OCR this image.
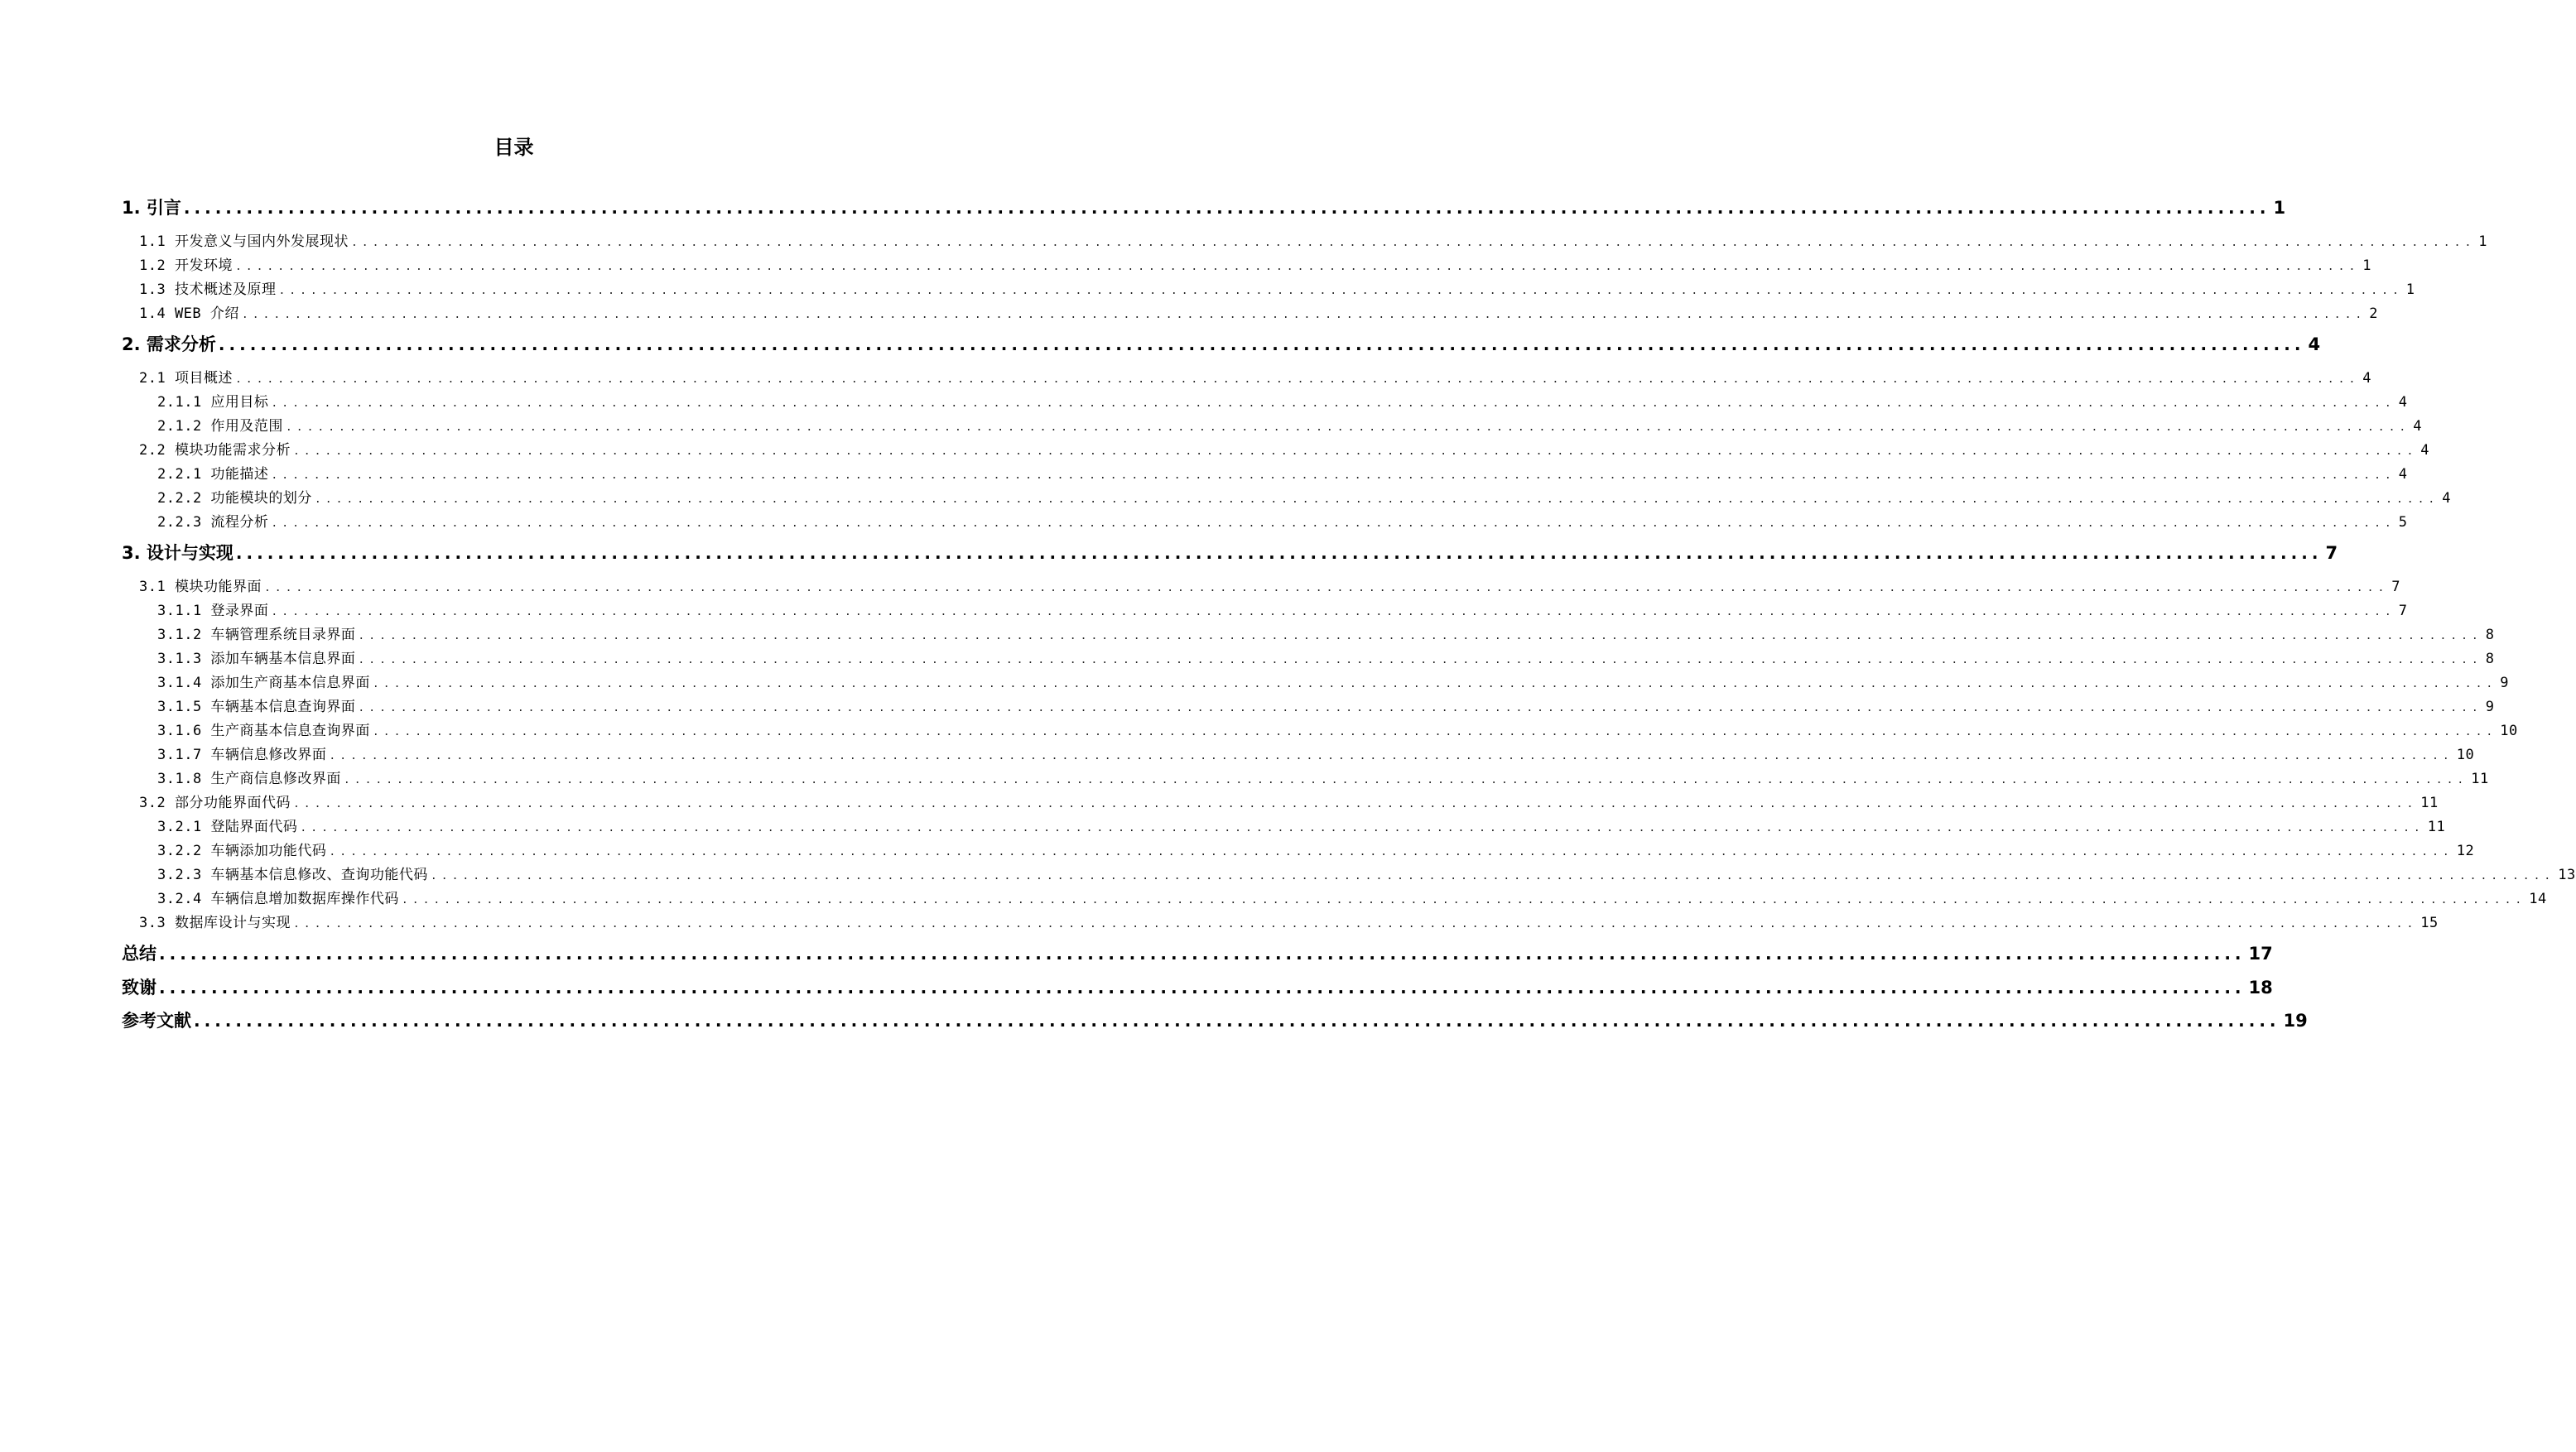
目录
1. 引言 ........................................................................................................................................................................................................ 1
1.1 开发意义与国内外发展现状 ........................................................................................................................................................................................................ 1
1.2 开发环境 ........................................................................................................................................................................................................ 1
1.3 技术概述及原理 ........................................................................................................................................................................................................ 1
1.4 WEB 介绍 ........................................................................................................................................................................................................ 2
2. 需求分析 ........................................................................................................................................................................................................ 4
2.1 项目概述 ........................................................................................................................................................................................................ 4
2.1.1 应用目标 ........................................................................................................................................................................................................ 4
2.1.2 作用及范围 ........................................................................................................................................................................................................ 4
2.2 模块功能需求分析 ........................................................................................................................................................................................................ 4
2.2.1 功能描述 ........................................................................................................................................................................................................ 4
2.2.2 功能模块的划分 ........................................................................................................................................................................................................ 4
2.2.3 流程分析 ........................................................................................................................................................................................................ 5
3. 设计与实现 ........................................................................................................................................................................................................ 7
3.1 模块功能界面 ........................................................................................................................................................................................................ 7
3.1.1 登录界面 ........................................................................................................................................................................................................ 7
3.1.2 车辆管理系统目录界面 ........................................................................................................................................................................................................ 8
3.1.3 添加车辆基本信息界面 ........................................................................................................................................................................................................ 8
3.1.4 添加生产商基本信息界面 ........................................................................................................................................................................................................ 9
3.1.5 车辆基本信息查询界面 ........................................................................................................................................................................................................ 9
3.1.6 生产商基本信息查询界面 ........................................................................................................................................................................................................ 10
3.1.7 车辆信息修改界面 ........................................................................................................................................................................................................ 10
3.1.8 生产商信息修改界面 ........................................................................................................................................................................................................ 11
3.2 部分功能界面代码 ........................................................................................................................................................................................................ 11
3.2.1 登陆界面代码 ........................................................................................................................................................................................................ 11
3.2.2 车辆添加功能代码 ........................................................................................................................................................................................................ 12
3.2.3 车辆基本信息修改、查询功能代码 ........................................................................................................................................................................................................ 13
3.2.4 车辆信息增加数据库操作代码 ........................................................................................................................................................................................................ 14
3.3 数据库设计与实现 ........................................................................................................................................................................................................ 15
总结 ........................................................................................................................................................................................................ 17
致谢 ........................................................................................................................................................................................................ 18
参考文献 ........................................................................................................................................................................................................ 19
